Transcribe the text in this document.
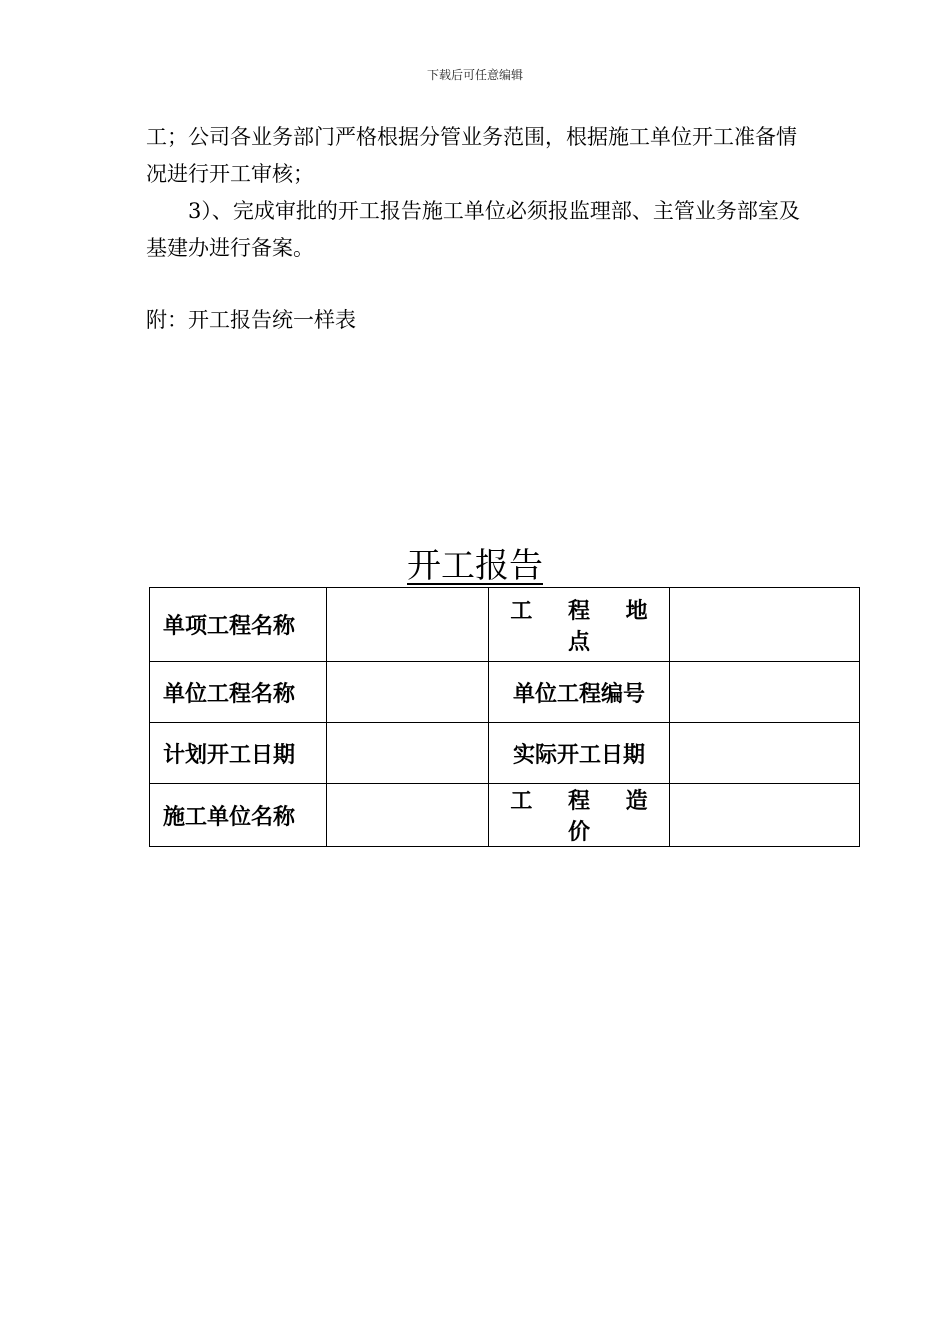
下载后可任意编辑
工；公司各业务部门严格根据分管业务范围，根据施工单位开工准备情况进行开工审核；
3）、完成审批的开工报告施工单位必须报监理部、主管业务部室及基建办进行备案。
附：开工报告统一样表
开工报告
单项工程名称		工 程 地 点	
单位工程名称		单位工程编号	
计划开工日期		实际开工日期	
施工单位名称		工 程 造 价	
